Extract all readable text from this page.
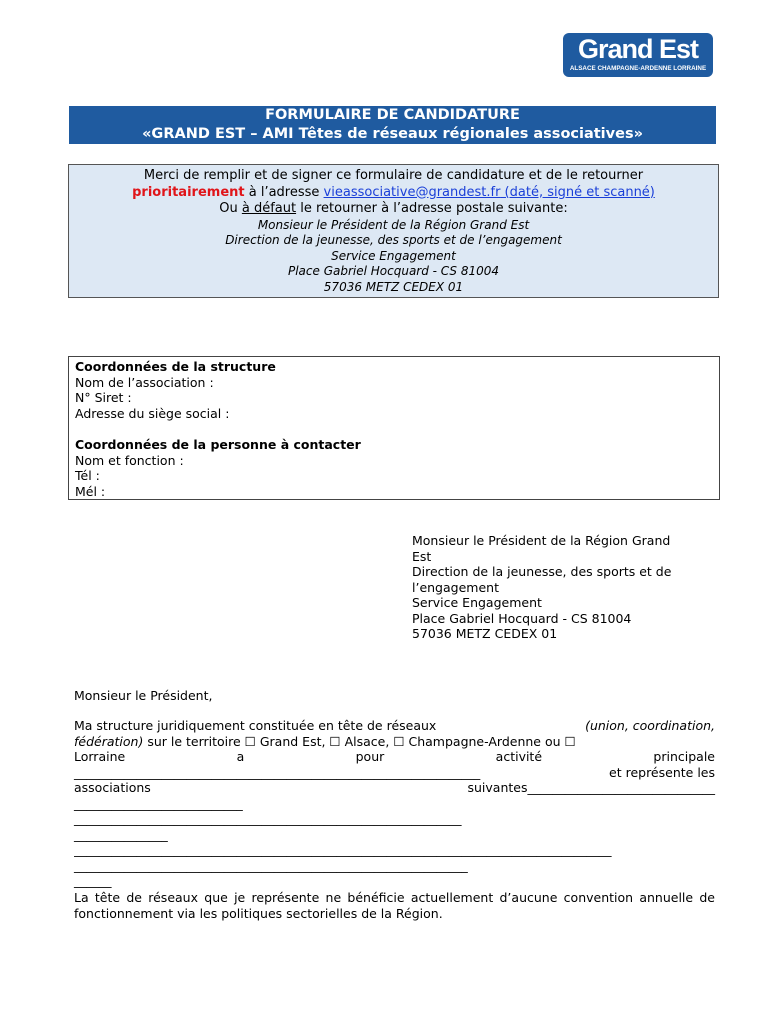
Grand Est
ALSACE CHAMPAGNE-ARDENNE LORRAINE
FORMULAIRE DE CANDIDATURE
«GRAND EST – AMI Têtes de réseaux régionales associatives»
Merci de remplir et de signer ce formulaire de candidature et de le retourner
prioritairement à l’adresse vieassociative@grandest.fr (daté, signé et scanné)
Ou à défaut le retourner à l’adresse postale suivante:
Monsieur le Président de la Région Grand Est
Direction de la jeunesse, des sports et de l’engagement
Service Engagement
Place Gabriel Hocquard - CS 81004
57036 METZ CEDEX 01
Coordonnées de la structure
Nom de l’association :
N° Siret :
Adresse du siège social :
Coordonnées de la personne à contacter
Nom et fonction :
Tél :
Mél :
Monsieur le Président de la Région Grand
Est
Direction de la jeunesse, des sports et de
l’engagement
Service Engagement
Place Gabriel Hocquard - CS 81004
57036 METZ CEDEX 01
Monsieur le Président,
Ma structure juridiquement constituée en tête de réseaux	(union, coordination,
fédération) sur le territoire ☐ Grand Est, ☐ Alsace, ☐ Champagne-Ardenne ou ☐
Lorraine	a	pour	activité	principale
_________________________________________________________________	et représente les
associations	suivantes______________________________
___________________________
______________________________________________________________
_______________
______________________________________________________________________________________
_______________________________________________________________
______
La tête de réseaux que je représente ne bénéficie actuellement d’aucune convention annuelle de fonctionnement via les politiques sectorielles de la Région.
